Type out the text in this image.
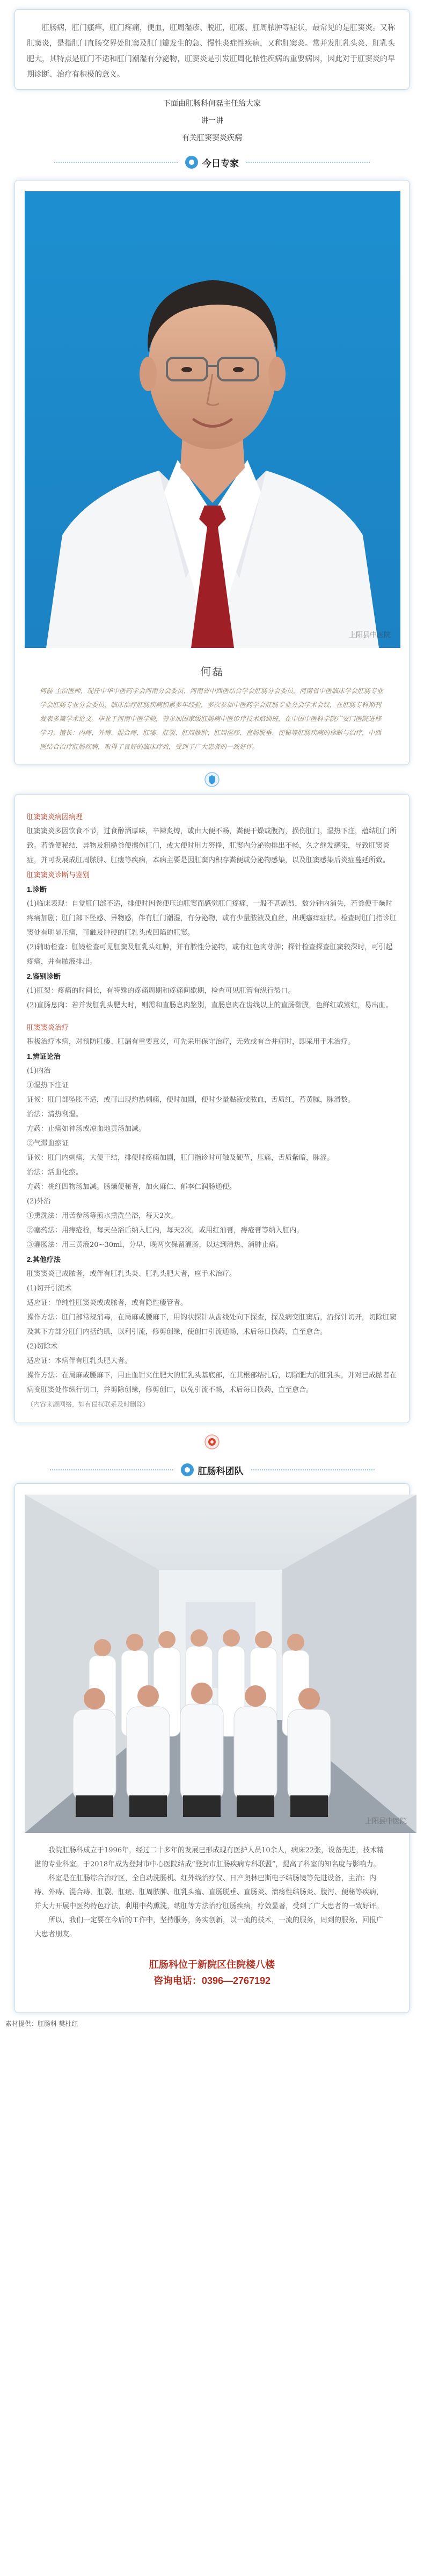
肛肠病，肛门瘙痒，肛门疼痛，便血，肛周湿疹、脱肛，肛瘘、肛周脓肿等症状，最常见的是肛窦炎。又称肛窦炎，是指肛门直肠交界处肛窦及肛门瓣发生的急、慢性炎症性疾病，又称肛窦炎。常并发肛乳头炎、肛乳头肥大，其特点是肛门不适和肛门潮湿有分泌物，肛窦炎是引发肛周化脓性疾病的重要病因，因此对于肛窦炎的早期诊断、治疗有积极的意义。

下面由肛肠科何磊主任给大家
讲一讲
有关肛窦窦炎疾病
今日专家
上阳县中医院
何磊
何磊 主治医师，现任中华中医药学会河南分会委员，河南省中西医结合学会肛肠分会委员，河南省中医临床学会肛肠专业学会肛肠专业分会委员，临床治疗肛肠疾病积累多年经验，多次参加中医药学会肛肠专业分会学术会议，在肛肠专科期刊发表多篇学术论文。毕业于河南中医学院，曾参加国家级肛肠病中医诊疗技术培训班，在中国中医科学院广安门医院进修学习。擅长：内痔、外痔、混合痔、肛瘘、肛裂、肛周脓肿、肛周湿疹、直肠脱垂、便秘等肛肠疾病的诊断与治疗，中西医结合治疗肛肠疾病，取得了良好的临床疗效，受到了广大患者的一致好评。

肛窦窦炎病因病理

肛窦窦炎多因饮食不节，过食醇酒厚味，辛辣炙煿，或由大便不畅，粪便干燥或腹泻，损伤肛门，湿热下注，蕴结肛门所致。若粪便秘结，异物及粗糙粪便擦伤肛门，或大便时用力努挣，肛窦内分泌物排出不畅，久之继发感染，导致肛窦炎症，并可发展成肛周脓肿、肛瘘等疾病，本病主要是因肛窦内积存粪便或分泌物感染，以及肛窦感染后炎症蔓延所致。

肛窦窦炎诊断与鉴别

1.诊断

(1)临床表现：自觉肛门部不适，排便时因粪便压迫肛窦而感觉肛门疼痛，一般不甚剧烈，数分钟内消失，若粪便干燥时疼痛加剧；肛门部下坠感、异物感，伴有肛门潮湿，有分泌物，或有少量脓液及血丝，出现瘙痒症状。检查时肛门指诊肛窦处有明显压痛，可触及肿硬的肛乳头或凹陷的肛窦。

(2)辅助检查：肛镜检查可见肛窦及肛乳头红肿，并有脓性分泌物，或有红色肉芽肿；探针检查探查肛窦较深时，可引起疼痛，并有脓液排出。

2.鉴别诊断

(1)肛裂：疼痛的时间长，有特殊的疼痛周期和疼痛间歇期，检查可见肛管有纵行裂口。

(2)直肠息肉：若并发肛乳头肥大时，则需和直肠息肉鉴别，直肠息肉在齿线以上的直肠黏膜，色鲜红或紫红，易出血。

肛窦窦炎治疗

积极治疗本病，对预防肛瘘、肛漏有重要意义，可先采用保守治疗，无效或有合并症时，即采用手术治疗。

1.辨证论治

(1)内治

①湿热下注证

证候：肛门部坠胀不适，或可出现灼热刺痛，便时加剧，便时少量黏液或脓血，舌质红，苔黄腻，脉滑数。

治法：清热利湿。

方药：止痛如神汤或凉血地黄汤加减。

②气滞血瘀证

证候：肛门内刺痛，大便干结，排便时疼痛加剧，肛门指诊时可触及硬节，压痛，舌质紫暗，脉涩。

治法：活血化瘀。

方药：桃红四物汤加减。肠燥便秘者，加火麻仁、郁李仁润肠通便。

(2)外治

①熏洗法：用苦参汤等煎水熏洗坐浴，每天2次。

②塞药法：用痔疮栓，每天坐浴后纳入肛内，每天2次，或用红油膏，痔疮膏等纳入肛内。

③灌肠法：用三黄液20~30ml，分早、晚两次保留灌肠，以达到清热、消肿止痛。

2.其他疗法

肛窦窦炎已成脓者，或伴有肛乳头炎、肛乳头肥大者，应手术治疗。

(1)切开引流术

适应证：单纯性肛窦炎或成脓者，或有隐性瘘管者。

操作方法：肛门部常规消毒，在局麻或腰麻下，用钩状探针从齿线处向下探查，探及病变肛窦后，沿探针切开，切除肛窦及其下方部分肛门内括约肌，以利引流，修剪创缘，使创口引流通畅，术后每日换药，直至愈合。

(2)切除术

适应证：本病伴有肛乳头肥大者。

操作方法：在局麻或腰麻下，用止血钳夹住肥大的肛乳头基底部，在其根部结扎后，切除肥大的肛乳头，并对已成脓者在病变肛窦处作纵行切口，并剪除创缘，修剪创口，以免引流不畅，术后每日换药，直至愈合。

（内容来源网络，如有侵权联系及时删除）

肛肠科团队
上阳县中医院

我院肛肠科成立于1996年，经过二十多年的发展已形成现有医护人员10余人，病床22张，设备先进，技术精湛的专业科室。于2018年成为登封市中心医院结成“登封市肛肠疾病专科联盟”，提高了科室的知名度与影响力。

科室是在肛肠综合治疗区，全自动洗肠机、红外线治疗仪、日产奥林巴斯电子结肠镜等先进设备，主治：内痔、外痔、混合痔、肛裂、肛瘘、肛周脓肿、肛乳头瘤、直肠脱垂、直肠炎、溃疡性结肠炎、腹泻、便秘等疾病，并大力开展中医药特色疗法，利用中药熏洗，纳肛等方法治疗肛肠疾病，疗效显著，受到了广大患者的一致好评。

所以，我们一定要在今后的工作中，坚持服务，务实创新，以一流的技术，一流的服务，周到的服务，回报广大患者朋友。

肛肠科位于新院区住院楼八楼
咨询电话：0396—2767192
素材提供：肛肠科 樊杜红
